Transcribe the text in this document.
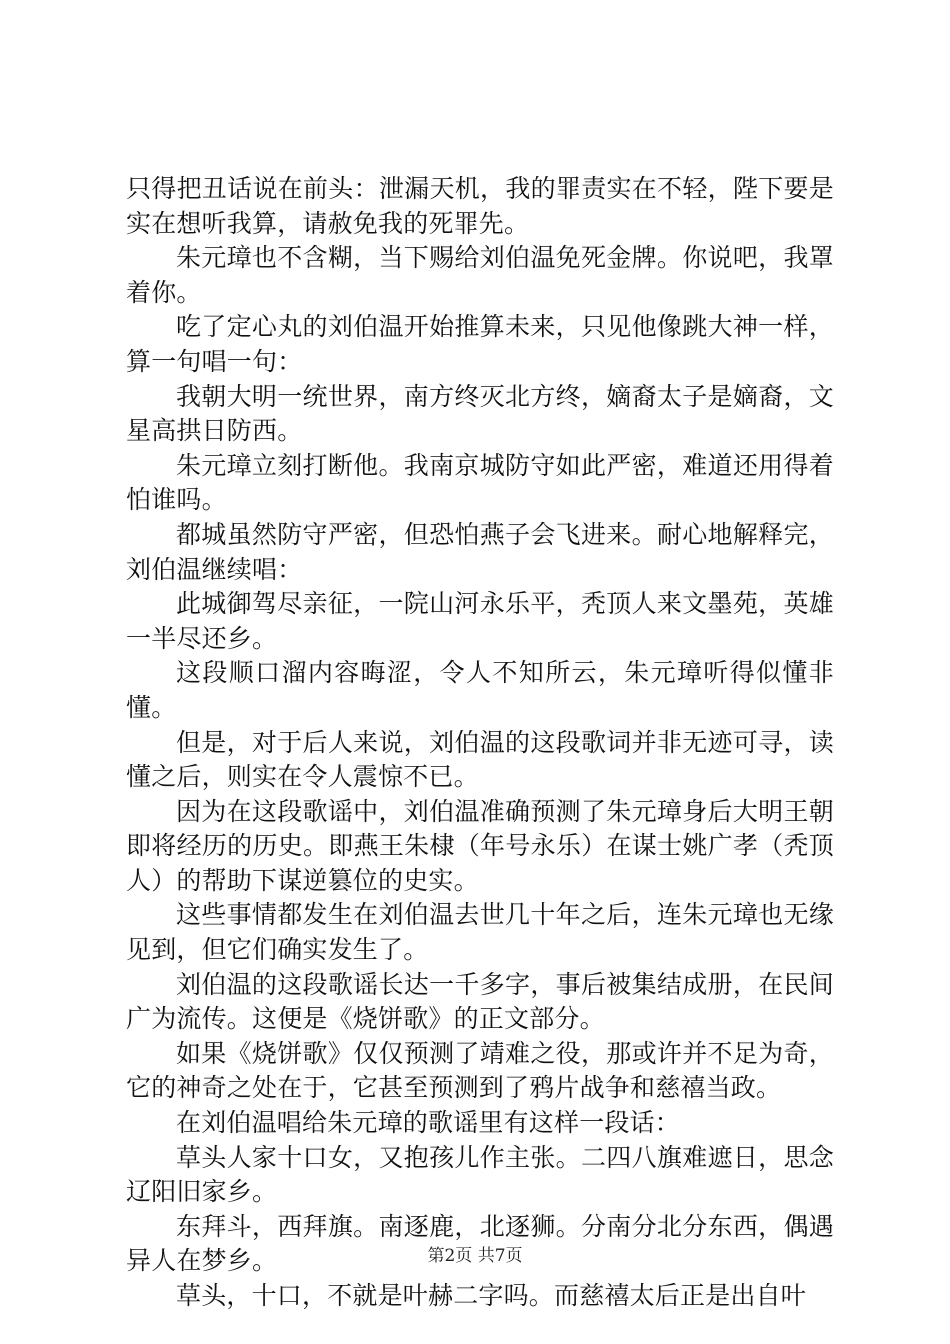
只得把丑话说在前头：泄漏天机，我的罪责实在不轻，陛下要是实在想听我算，请赦免我的死罪先。

朱元璋也不含糊，当下赐给刘伯温免死金牌。你说吧，我罩着你。

吃了定心丸的刘伯温开始推算未来，只见他像跳大神一样，算一句唱一句：

我朝大明一统世界，南方终灭北方终，嫡裔太子是嫡裔，文星高拱日防西。

朱元璋立刻打断他。我南京城防守如此严密，难道还用得着怕谁吗。

都城虽然防守严密，但恐怕燕子会飞进来。耐心地解释完，刘伯温继续唱：

此城御驾尽亲征，一院山河永乐平，秃顶人来文墨苑，英雄一半尽还乡。

这段顺口溜内容晦涩，令人不知所云，朱元璋听得似懂非懂。

但是，对于后人来说，刘伯温的这段歌词并非无迹可寻，读懂之后，则实在令人震惊不已。

因为在这段歌谣中，刘伯温准确预测了朱元璋身后大明王朝即将经历的历史。即燕王朱棣（年号永乐）在谋士姚广孝（秃顶人）的帮助下谋逆篡位的史实。

这些事情都发生在刘伯温去世几十年之后，连朱元璋也无缘见到，但它们确实发生了。

刘伯温的这段歌谣长达一千多字，事后被集结成册，在民间广为流传。这便是《烧饼歌》的正文部分。

如果《烧饼歌》仅仅预测了靖难之役，那或许并不足为奇，它的神奇之处在于，它甚至预测到了鸦片战争和慈禧当政。

在刘伯温唱给朱元璋的歌谣里有这样一段话：

草头人家十口女，又抱孩儿作主张。二四八旗难遮日，思念辽阳旧家乡。

东拜斗，西拜旗。南逐鹿，北逐狮。分南分北分东西，偶遇异人在梦乡。

草头，十口，不就是叶赫二字吗。而慈禧太后正是出自叶

第2页 共7页
